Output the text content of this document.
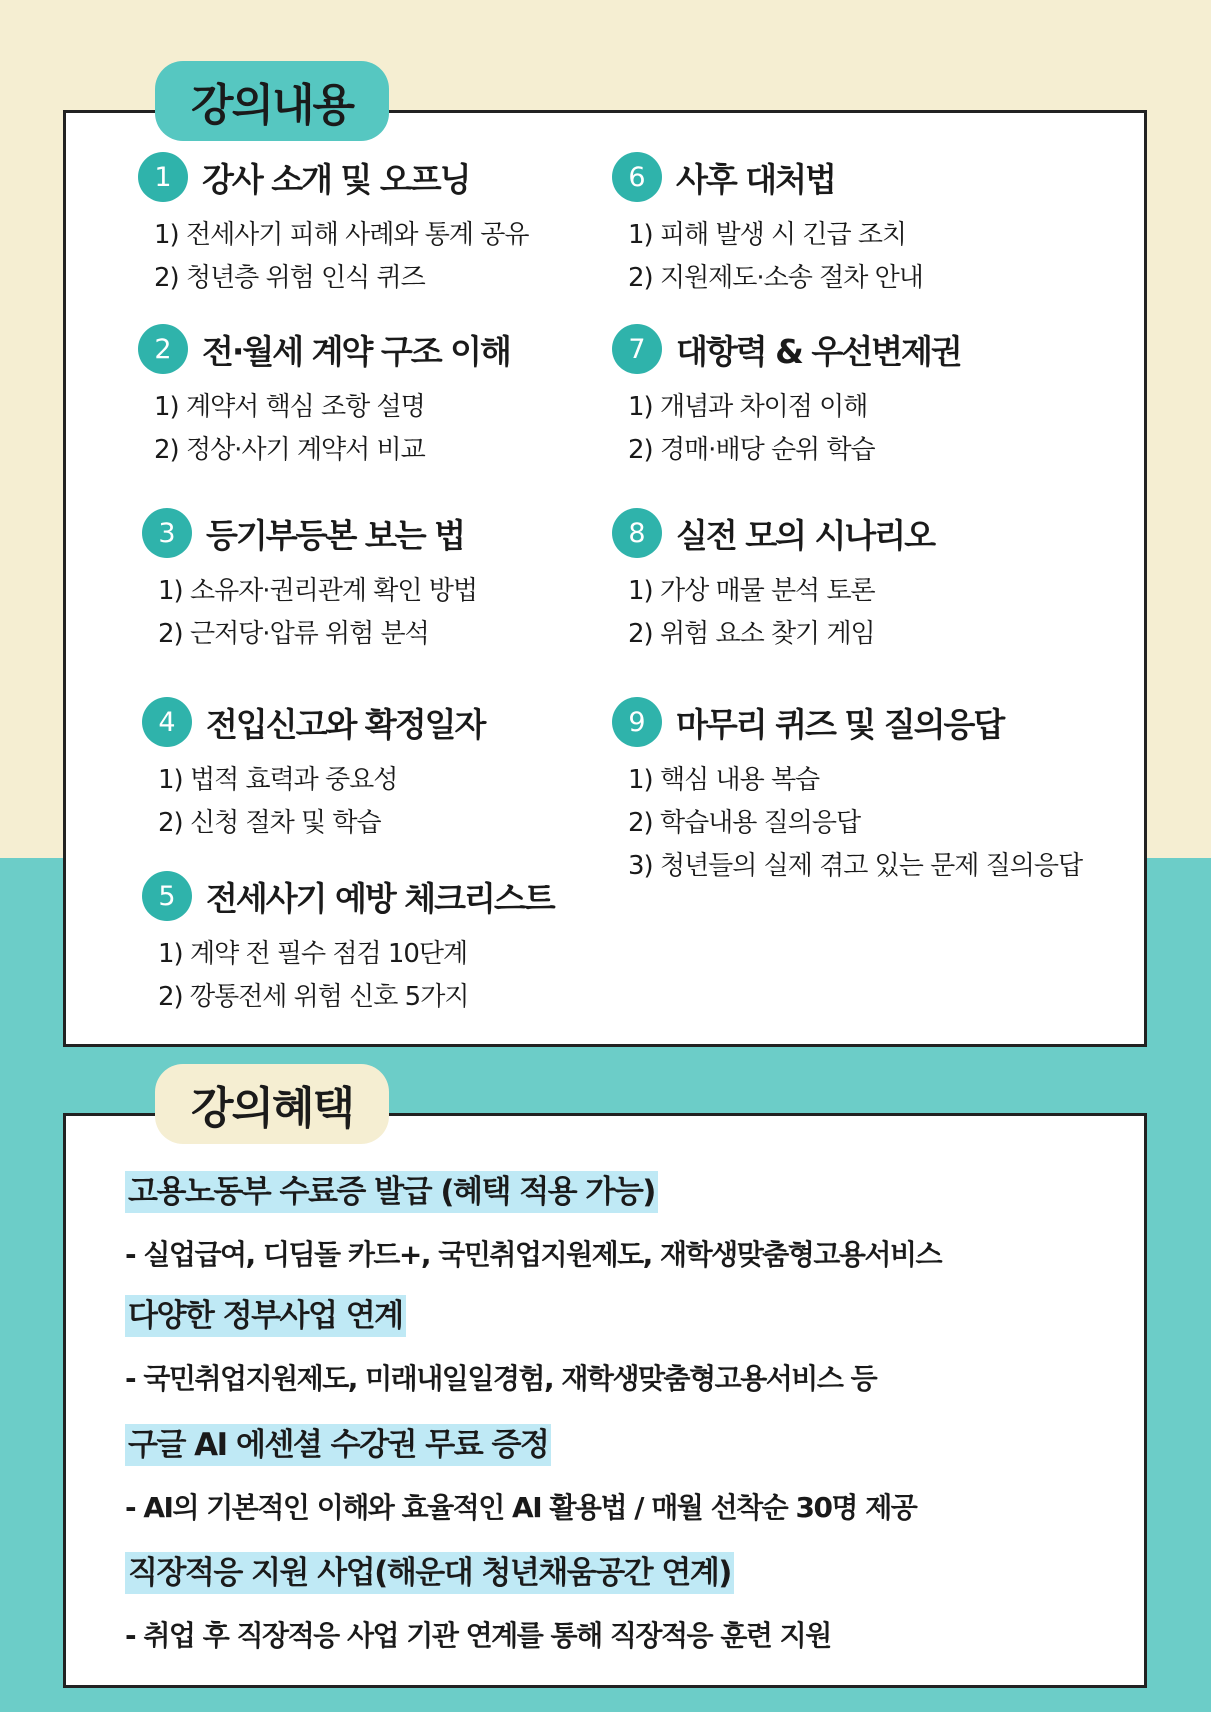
강의내용
1 강사 소개 및 오프닝
1) 전세사기 피해 사례와 통계 공유
2) 청년층 위험 인식 퀴즈
2 전·월세 계약 구조 이해
1) 계약서 핵심 조항 설명
2) 정상·사기 계약서 비교
3 등기부등본 보는 법
1) 소유자·권리관계 확인 방법
2) 근저당·압류 위험 분석
4 전입신고와 확정일자
1) 법적 효력과 중요성
2) 신청 절차 및 학습
5 전세사기 예방 체크리스트
1) 계약 전 필수 점검 10단계
2) 깡통전세 위험 신호 5가지
6 사후 대처법
1) 피해 발생 시 긴급 조치
2) 지원제도·소송 절차 안내
7 대항력 & 우선변제권
1) 개념과 차이점 이해
2) 경매·배당 순위 학습
8 실전 모의 시나리오
1) 가상 매물 분석 토론
2) 위험 요소 찾기 게임
9 마무리 퀴즈 및 질의응답
1) 핵심 내용 복습
2) 학습내용 질의응답
3) 청년들의 실제 겪고 있는 문제 질의응답
강의혜택
고용노동부 수료증 발급 (혜택 적용 가능)
- 실업급여, 디딤돌 카드+, 국민취업지원제도, 재학생맞춤형고용서비스
다양한 정부사업 연계
- 국민취업지원제도, 미래내일일경험, 재학생맞춤형고용서비스 등
구글 AI 에센셜 수강권 무료 증정
- AI의 기본적인 이해와 효율적인 AI 활용법 / 매월 선착순 30명 제공
직장적응 지원 사업(해운대 청년채움공간 연계)
- 취업 후 직장적응 사업 기관 연계를 통해 직장적응 훈련 지원
